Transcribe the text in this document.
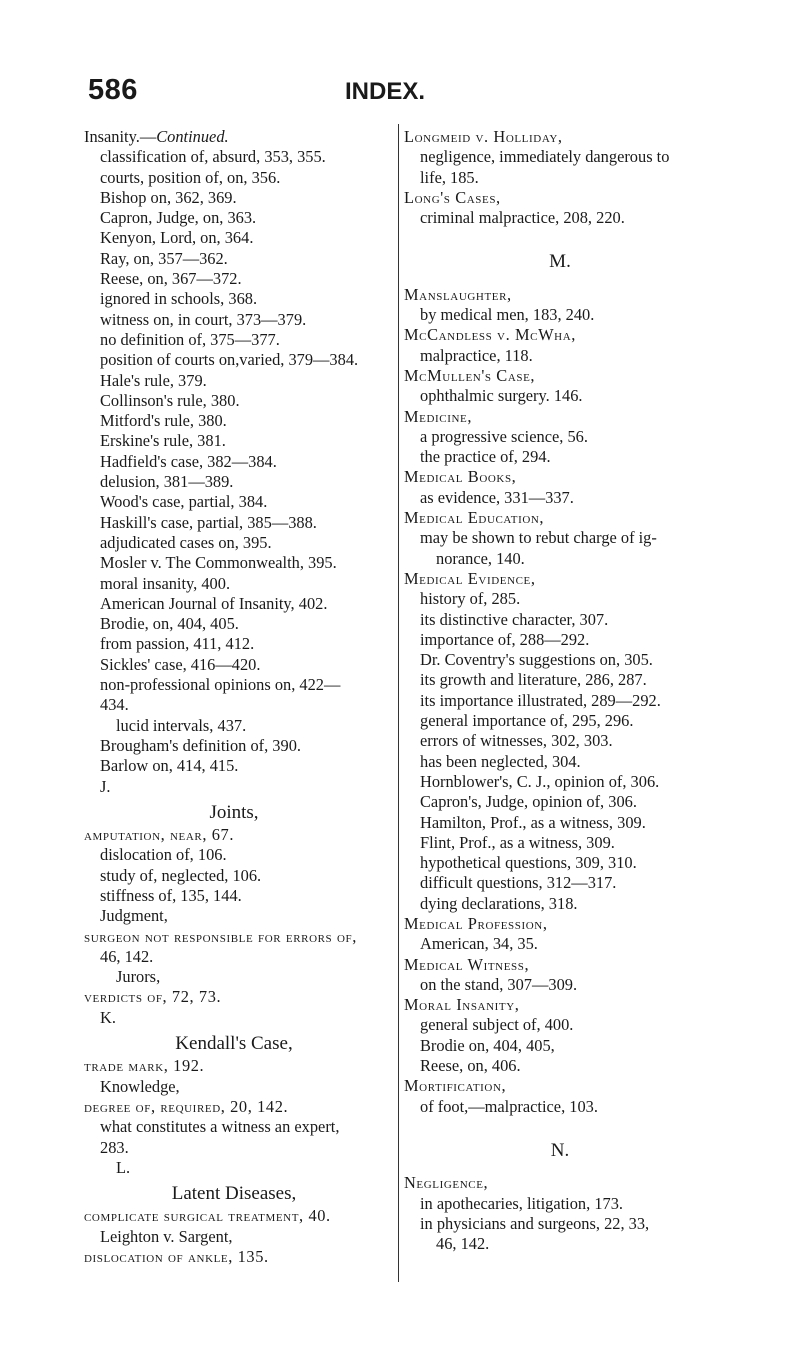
586	INDEX.
Insanity.—Continued.
classification of, absurd, 353, 355.
courts, position of, on, 356.
Bishop on, 362, 369.
Capron, Judge, on, 363.
Kenyon, Lord, on, 364.
Ray, on, 357—362.
Reese, on, 367—372.
ignored in schools, 368.
witness on, in court, 373—379.
no definition of, 375—377.
position of courts on,varied, 379—384.
Hale's rule, 379.
Collinson's rule, 380.
Mitford's rule, 380.
Erskine's rule, 381.
Hadfield's case, 382—384.
delusion, 381—389.
Wood's case, partial, 384.
Haskill's case, partial, 385—388.
adjudicated cases on, 395.
Mosler v. The Commonwealth, 395.
moral insanity, 400.
American Journal of Insanity, 402.
Brodie, on, 404, 405.
from passion, 411, 412.
Sickles' case, 416—420.
non-professional opinions on, 422—
434.
lucid intervals, 437.
Brougham's definition of, 390.
Barlow on, 414, 415.
J.
Joints,
amputation, near, 67.
dislocation of, 106.
study of, neglected, 106.
stiffness of, 135, 144.
Judgment,
surgeon not responsible for errors of,
46, 142.
Jurors,
verdicts of, 72, 73.
K.
Kendall's Case,
trade mark, 192.
Knowledge,
degree of, required, 20, 142.
what constitutes a witness an expert,
283.
L.
Latent Diseases,
complicate surgical treatment, 40.
Leighton v. Sargent,
dislocation of ankle, 135.
Longmeid v. Holliday,
negligence, immediately dangerous to
life, 185.
Long's Cases,
criminal malpractice, 208, 220.
M.
Manslaughter,
by medical men, 183, 240.
McCandless v. McWha,
malpractice, 118.
McMullen's Case,
ophthalmic surgery. 146.
Medicine,
a progressive science, 56.
the practice of, 294.
Medical Books,
as evidence, 331—337.
Medical Education,
may be shown to rebut charge of ig-
norance, 140.
Medical Evidence,
history of, 285.
its distinctive character, 307.
importance of, 288—292.
Dr. Coventry's suggestions on, 305.
its growth and literature, 286, 287.
its importance illustrated, 289—292.
general importance of, 295, 296.
errors of witnesses, 302, 303.
has been neglected, 304.
Hornblower's, C. J., opinion of, 306.
Capron's, Judge, opinion of, 306.
Hamilton, Prof., as a witness, 309.
Flint, Prof., as a witness, 309.
hypothetical questions, 309, 310.
difficult questions, 312—317.
dying declarations, 318.
Medical Profession,
American, 34, 35.
Medical Witness,
on the stand, 307—309.
Moral Insanity,
general subject of, 400.
Brodie on, 404, 405,
Reese, on, 406.
Mortification,
of foot,—malpractice, 103.
N.
Negligence,
in apothecaries, litigation, 173.
in physicians and surgeons, 22, 33,
46, 142.
